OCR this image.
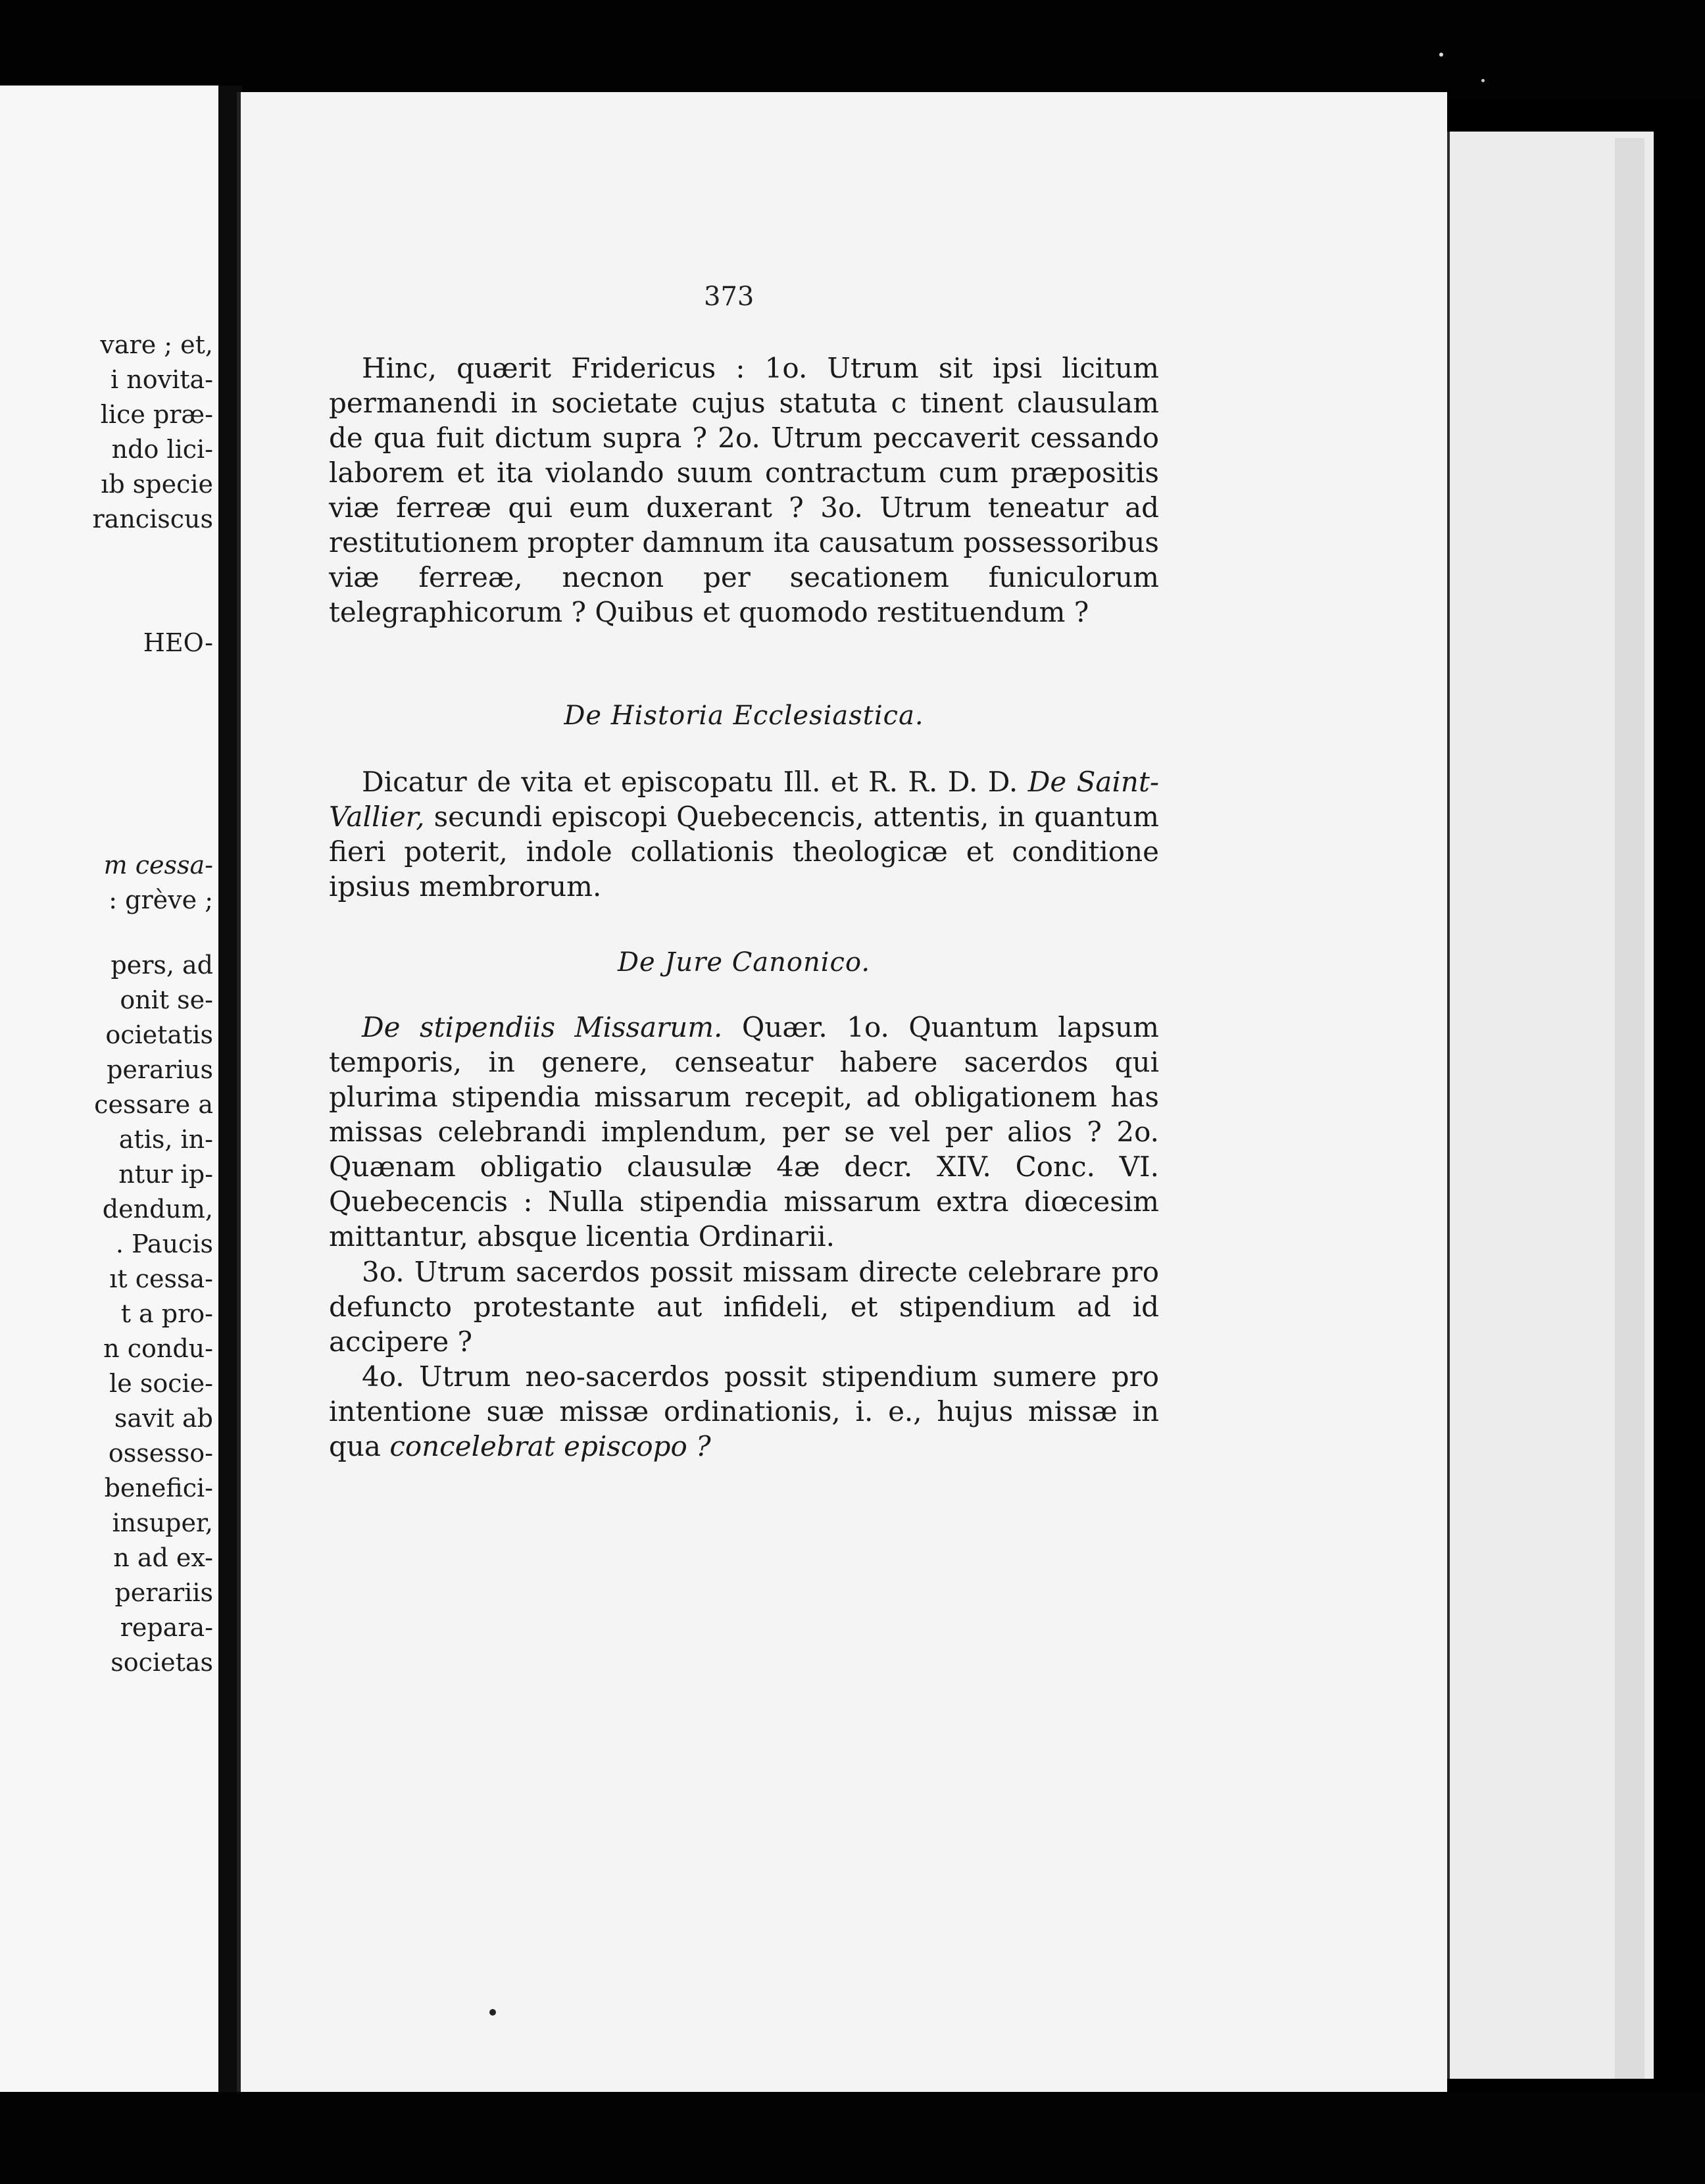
vare ; et,
i novita-
lice præ-
ndo lici-
ıb specie
ranciscus
HEO-
m cessa-
: grève ;
pers, ad
onit se-
ocietatis
perarius
cessare a
atis, in-
ntur ip-
dendum,
. Paucis
ıt cessa-
t a pro-
n condu-
le socie-
savit ab
ossesso-
benefici-
insuper,
n ad ex-
perariis
repara-
societas
373
Hinc, quærit Fridericus : 1o. Utrum sit ipsi licitum permanendi in societate cujus statuta c tinent clausulam de qua fuit dictum supra ? 2o. Utrum peccaverit cessando laborem et ita violando suum contractum cum præpositis viæ ferreæ qui eum duxerant ? 3o. Utrum teneatur ad restitutionem propter damnum ita causatum possessoribus viæ ferreæ, necnon per secationem funiculorum telegraphicorum ? Quibus et quomodo restituendum ?
De Historia Ecclesiastica.
Dicatur de vita et episcopatu Ill. et R. R. D. D. De Saint-Vallier, secundi episcopi Quebecencis, attentis, in quantum fieri poterit, indole collationis theologicæ et conditione ipsius membrorum.
De Jure Canonico.
De stipendiis Missarum. Quær. 1o. Quantum lapsum temporis, in genere, censeatur habere sacerdos qui plurima stipendia missarum recepit, ad obligationem has missas celebrandi implendum, per se vel per alios ? 2o. Quænam obligatio clausulæ 4æ decr. XIV. Conc. VI. Quebecencis : Nulla stipendia missarum extra diœcesim mittantur, absque licentia Ordinarii.
3o. Utrum sacerdos possit missam directe celebrare pro defuncto protestante aut infideli, et stipendium ad id accipere ?
4o. Utrum neo-sacerdos possit stipendium sumere pro intentione suæ missæ ordinationis, i. e., hujus missæ in qua concelebrat episcopo ?
